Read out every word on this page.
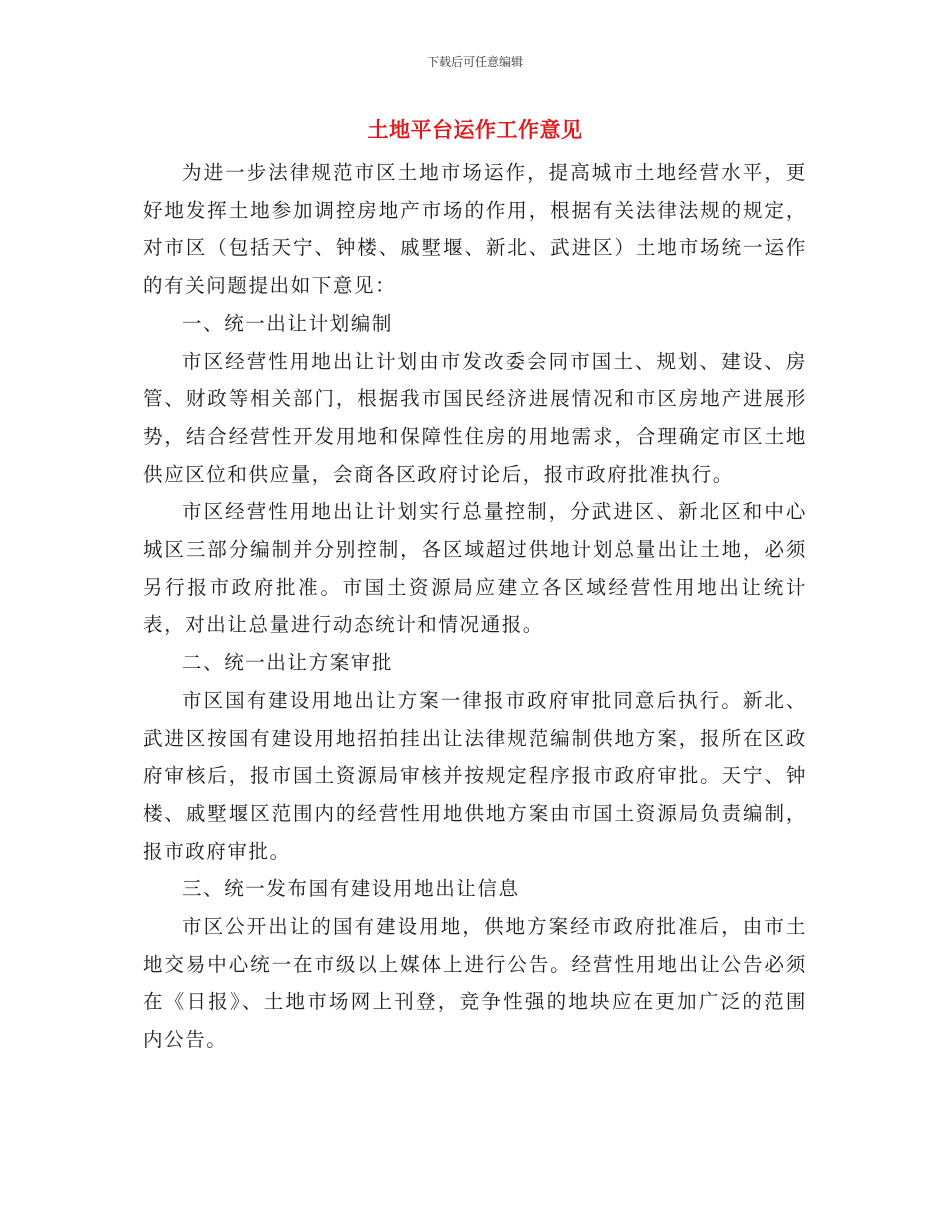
下载后可任意编辑
土地平台运作工作意见

为进一步法律规范市区土地市场运作，提高城市土地经营水平，更好地发挥土地参加调控房地产市场的作用，根据有关法律法规的规定，对市区（包括天宁、钟楼、戚墅堰、新北、武进区）土地市场统一运作的有关问题提出如下意见：

一、统一出让计划编制

市区经营性用地出让计划由市发改委会同市国土、规划、建设、房管、财政等相关部门，根据我市国民经济进展情况和市区房地产进展形势，结合经营性开发用地和保障性住房的用地需求，合理确定市区土地供应区位和供应量，会商各区政府讨论后，报市政府批准执行。

市区经营性用地出让计划实行总量控制，分武进区、新北区和中心城区三部分编制并分别控制，各区域超过供地计划总量出让土地，必须另行报市政府批准。市国土资源局应建立各区域经营性用地出让统计表，对出让总量进行动态统计和情况通报。

二、统一出让方案审批

市区国有建设用地出让方案一律报市政府审批同意后执行。新北、武进区按国有建设用地招拍挂出让法律规范编制供地方案，报所在区政府审核后，报市国土资源局审核并按规定程序报市政府审批。天宁、钟楼、戚墅堰区范围内的经营性用地供地方案由市国土资源局负责编制，报市政府审批。

三、统一发布国有建设用地出让信息

市区公开出让的国有建设用地，供地方案经市政府批准后，由市土地交易中心统一在市级以上媒体上进行公告。经营性用地出让公告必须在《日报》、土地市场网上刊登，竞争性强的地块应在更加广泛的范围内公告。
